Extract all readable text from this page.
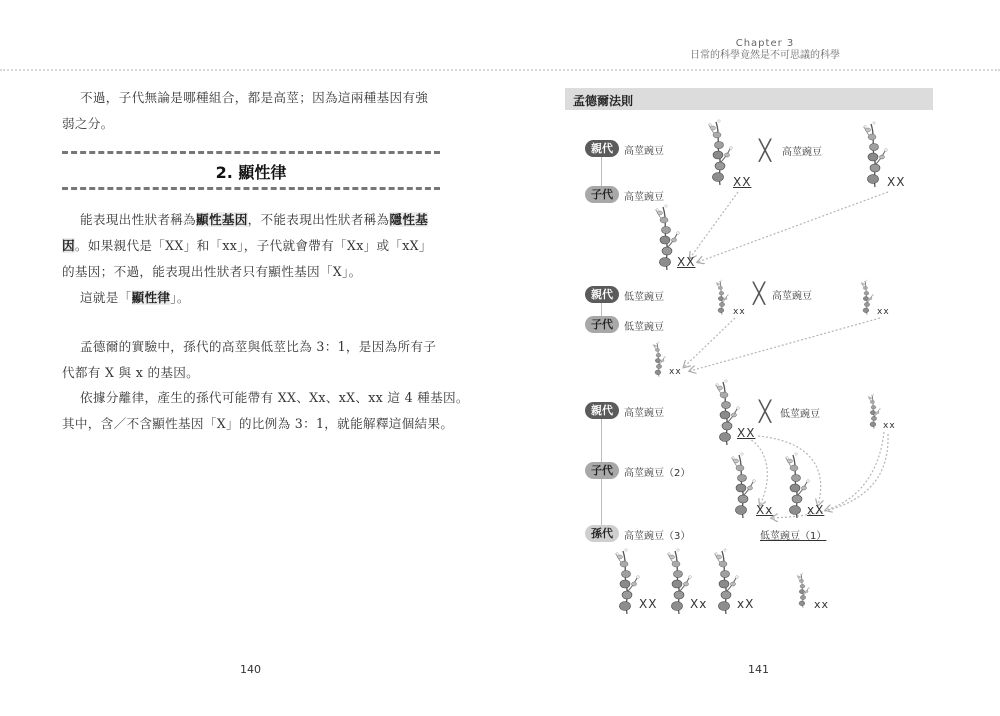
Chapter 3
日常的科學竟然是不可思議的科學
不過，子代無論是哪種組合，都是高莖；因為這兩種基因有強
弱之分。
2. 顯性律
能表現出性狀者稱為顯性基因，不能表現出性狀者稱為隱性基
因。如果親代是「XX」和「xx」，子代就會帶有「Xx」或「xX」
的基因；不過，能表現出性狀者只有顯性基因「X」。
這就是「顯性律」。
孟德爾的實驗中，孫代的高莖與低莖比為 3：1，是因為所有子
代都有 X 與 x 的基因。
依據分離律，產生的孫代可能帶有 XX、Xx、xX、xx 這 4 種基因。
其中，含／不含顯性基因「X」的比例為 3：1，就能解釋這個結果。
140
孟德爾法則
親代	高莖豌豆
子代	高莖豌豆
XX
╳ 高莖豌豆
XX
XX
親代	低莖豌豆
子代	低莖豌豆
xx
╳ 高莖豌豆
xx
xx
親代	高莖豌豆
子代	高莖豌豆（2）
孫代	高莖豌豆（3）
XX
╳ 低莖豌豆
xx
Xx	xX
低莖豌豆（1）
XX	Xx xX	xx
141
